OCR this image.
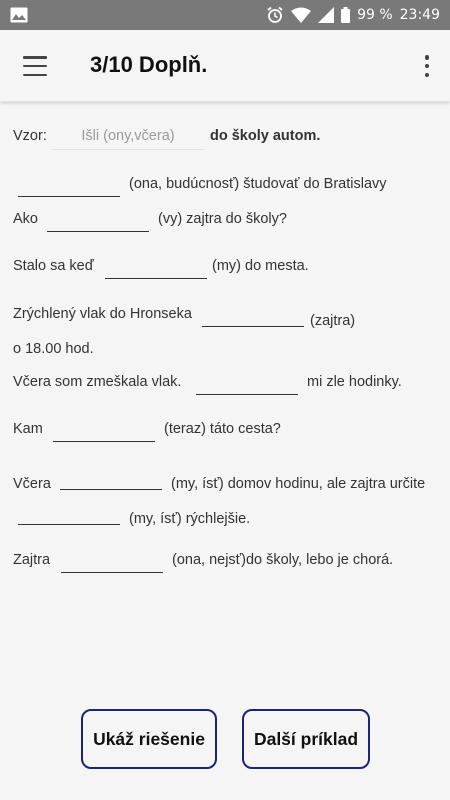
99 % 23:49
3/10 Doplň.
Vzor:	Išli (ony,včera)	do školy autom.
(ona, budúcnosť) študovať do Bratislavy
Ako	(vy) zajtra do školy?
Stalo sa keď	(my) do mesta.
Zrýchlený vlak do Hronseka	(zajtra)
o 18.00 hod.
Včera som zmeškala vlak.	mi zle hodinky.
Kam	(teraz) táto cesta?
Včera	(my, ísť) domov hodinu, ale zajtra určite
(my, ísť) rýchlejšie.
Zajtra	(ona, nejsť)do školy, lebo je chorá.
Ukáž riešenie	Další príklad
